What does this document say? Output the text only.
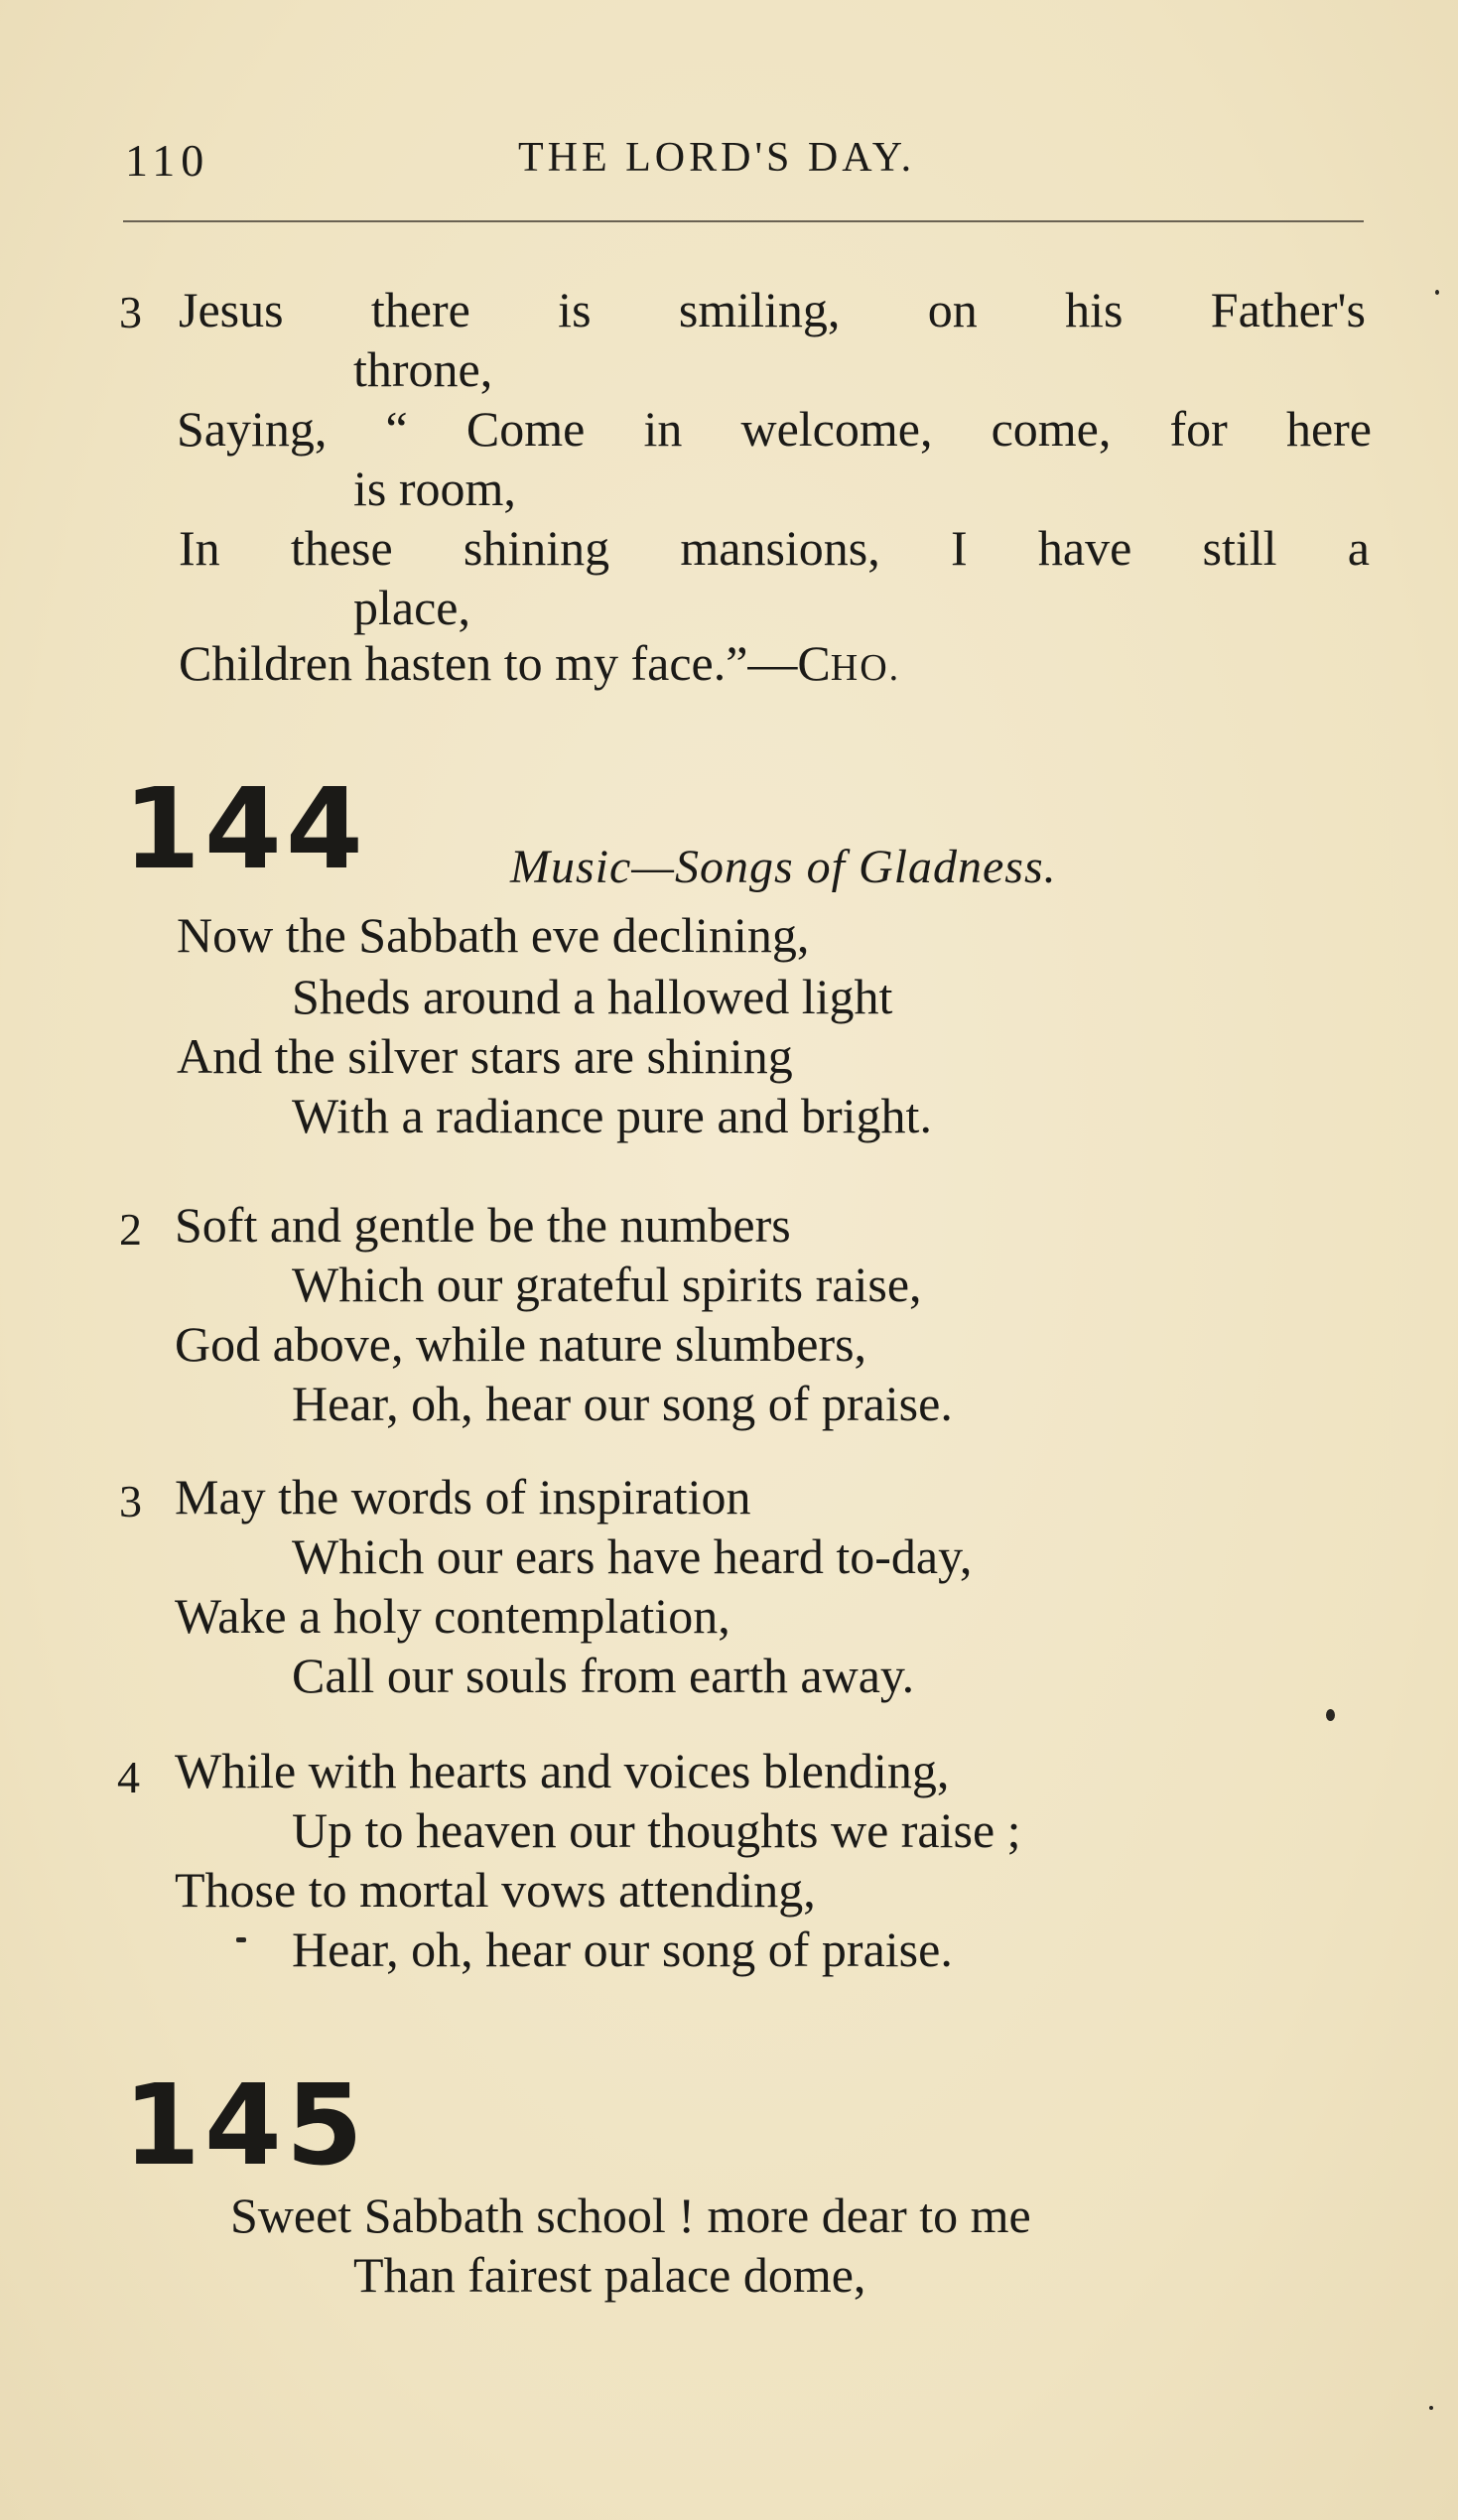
110	THE LORD'S DAY.
3 Jesus there is smiling, on his Father's
throne,
Saying, “ Come in welcome, come, for here
is room,
In these shining mansions, I have still a
place,
Children hasten to my face.”—CHO.
144	Music—Songs of Gladness.
Now the Sabbath eve declining,
Sheds around a hallowed light
And the silver stars are shining
With a radiance pure and bright.
2 Soft and gentle be the numbers
Which our grateful spirits raise,
God above, while nature slumbers,
Hear, oh, hear our song of praise.
3 May the words of inspiration
Which our ears have heard to-day,
Wake a holy contemplation,
Call our souls from earth away.
4 While with hearts and voices blending,
Up to heaven our thoughts we raise ;
Those to mortal vows attending,
Hear, oh, hear our song of praise.
145
Sweet Sabbath school ! more dear to me
Than fairest palace dome,
